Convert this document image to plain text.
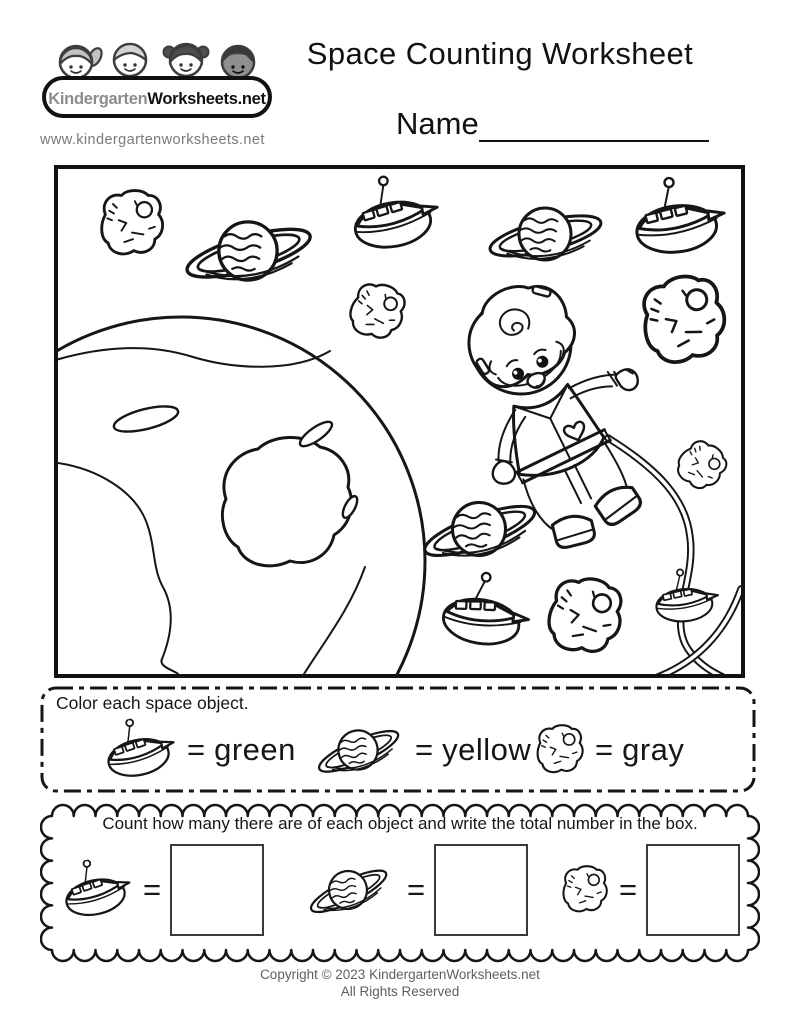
KindergartenWorksheets.net
www.kindergartenworksheets.net
Space Counting Worksheet
Name
Color each space object.
= green	= yellow = gray
Count how many there are of each object and write the total number in the box.
=	=	=
Copyright © 2023 KindergartenWorksheets.net
All Rights Reserved
